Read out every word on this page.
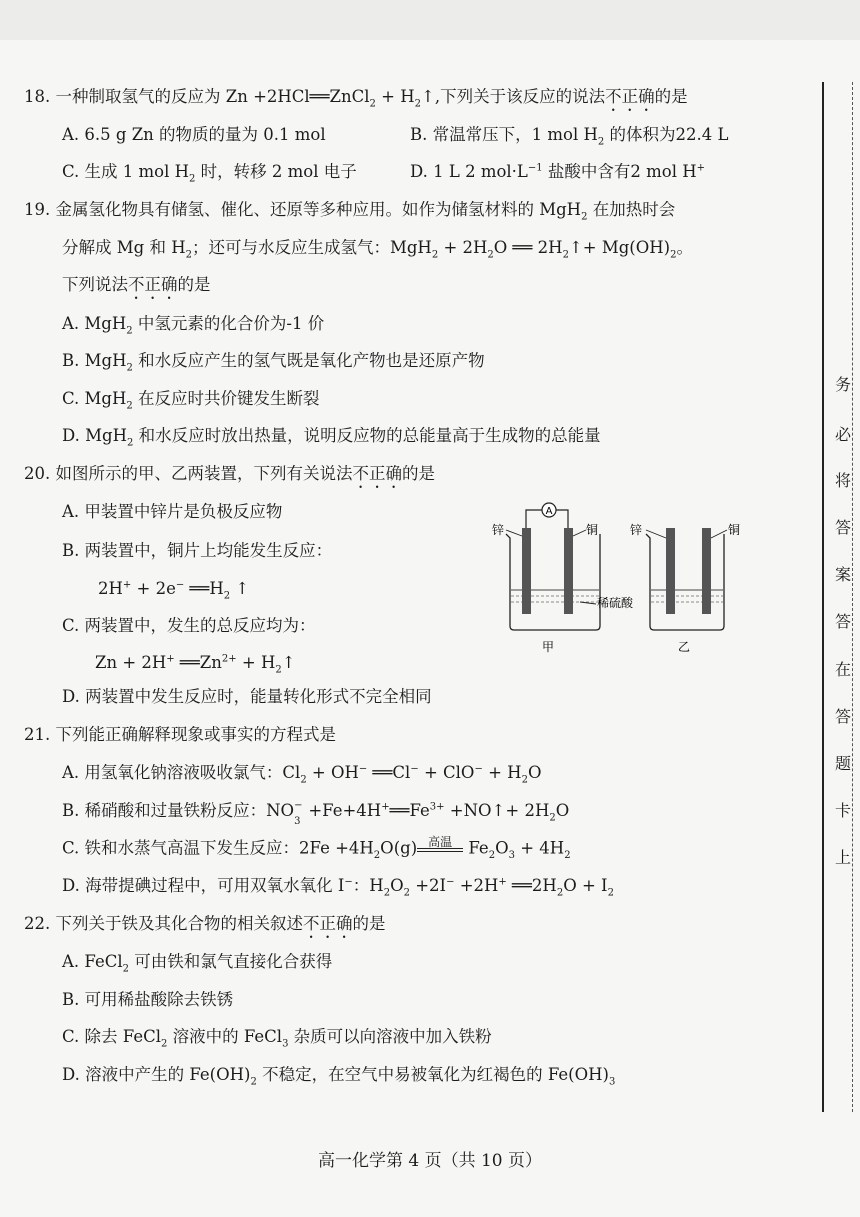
18. 一种制取氢气的反应为 Zn +2HCl══ZnCl$_2$ + $H_2↑$,下列关于该反应的说法不正确的是
A. 6.5 g Zn 的物质的量为 0.1 mol	B. 常温常压下，1 mol $H_2$ 的体积为22.4 L
C. 生成 1 mol $H_2$ 时，转移 2 mol 电子	D. 1 L 2 $mol\cdot L^{-1}$ 盐酸中含有2 mol H+
19. 金属氢化物具有储氢、催化、还原等多种应用。如作为储氢材料的 MgH$_2$ 在加热时会
分解成 Mg 和 $H_2$；还可与水反应生成氢气：$MgH_2 + 2H_2O$ ══ $2H_2↑+ Mg(OH)_2$。
下列说法不正确的是
A. MgH$_2$ 中氢元素的化合价为-1 价
B. MgH$_2$ 和水反应产生的氢气既是氧化产物也是还原产物
C. MgH$_2$ 在反应时共价键发生断裂
D. MgH$_2$ 和水反应时放出热量，说明反应物的总能量高于生成物的总能量
20. 如图所示的甲、乙两装置，下列有关说法不正确的是
A. 甲装置中锌片是负极反应物
B. 两装置中，铜片上均能发生反应：
2H+ + 2e− $══H_2$ ↑
C. 两装置中，发生的总反应均为：
Zn + 2H+ $══Zn^{2+}$ + $H_2↑$
D. 两装置中发生反应时，能量转化形式不完全相同
A
锌	铜
稀硫酸
甲
锌	铜
乙
21. 下列能正确解释现象或事实的方程式是
A. 用氢氧化钠溶液吸收氯气：$Cl_2 + OH^-$ ══Cl− + $ClO^- + H_2O$
B. 稀硝酸和过量铁粉反应：NO −
3
$+Fe+4H^+══Fe^{3+}$ +NO↑+ $2H_2O$
C. 铁和水蒸气高温下发生反应：$2Fe +4H_2O(g)$ 高温 $Fe_2O_3 + 4H_2$
D. 海带提碘过程中，可用双氧水氧化 I−：$H_2O_2 +2I^- +2H^+$ $══2H_2O + I_2$
22. 下列关于铁及其化合物的相关叙述不正确的是
A. FeCl$_2$ 可由铁和氯气直接化合获得
B. 可用稀盐酸除去铁锈
C. 除去 FeCl$_2$ 溶液中的 FeCl$_3$ 杂质可以向溶液中加入铁粉
D. 溶液中产生的 $Fe(OH)_2$ 不稳定，在空气中易被氧化为红褐色的 $Fe(OH)_3$
务
必
将
答
案
答
在
答
题
卡
上
高一化学第 4 页（共 10 页）
